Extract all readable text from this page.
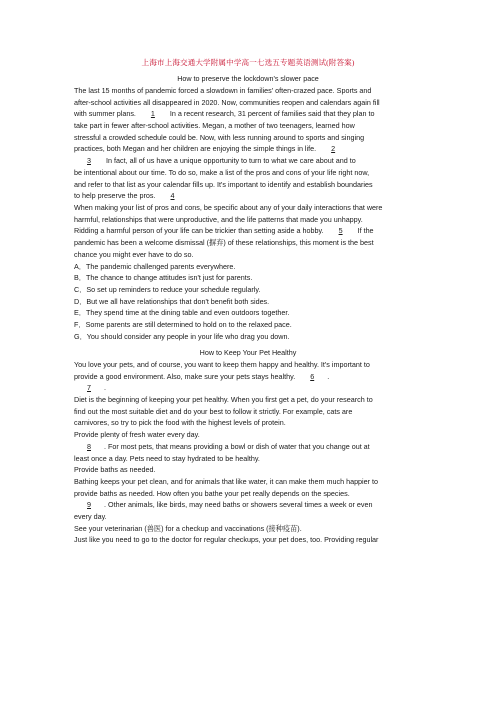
上海市上海交通大学附属中学高一七选五专题英语测试(附答案)
How to preserve the lockdown's slower pace
The last 15 months of pandemic forced a slowdown in families' often-crazed pace. Sports and
after-school activities all disappeared in 2020. Now, communities reopen and calendars again fill
with summer plans. 1 In a recent research, 31 percent of families said that they plan to
take part in fewer after-school activities. Megan, a mother of two teenagers, learned how
stressful a crowded schedule could be. Now, with less running around to sports and singing
practices, both Megan and her children are enjoying the simple things in life. 2
3 In fact, all of us have a unique opportunity to turn to what we care about and to
be intentional about our time. To do so, make a list of the pros and cons of your life right now,
and refer to that list as your calendar fills up. It's important to identify and establish boundaries
to help preserve the pros. 4
When making your list of pros and cons, be specific about any of your daily interactions that were
harmful, relationships that were unproductive, and the life patterns that made you unhappy.
Ridding a harmful person of your life can be trickier than setting aside a hobby. 5 If the
pandemic has been a welcome dismissal (摒弃) of these relationships, this moment is the best
chance you might ever have to do so.
A．The pandemic challenged parents everywhere.
B．The chance to change attitudes isn't just for parents.
C．So set up reminders to reduce your schedule regularly.
D．But we all have relationships that don't benefit both sides.
E．They spend time at the dining table and even outdoors together.
F．Some parents are still determined to hold on to the relaxed pace.
G．You should consider any people in your life who drag you down.
How to Keep Your Pet Healthy
You love your pets, and of course, you want to keep them happy and healthy. It's important to
provide a good environment. Also, make sure your pets stays healthy. 6 .
7 .
Diet is the beginning of keeping your pet healthy. When you first get a pet, do your research to
find out the most suitable diet and do your best to follow it strictly. For example, cats are
carnivores, so try to pick the food with the highest levels of protein.
Provide plenty of fresh water every day.
8 . For most pets, that means providing a bowl or dish of water that you change out at
least once a day. Pets need to stay hydrated to be healthy.
Provide baths as needed.
Bathing keeps your pet clean, and for animals that like water, it can make them much happier to
provide baths as needed. How often you bathe your pet really depends on the species.
9 . Other animals, like birds, may need baths or showers several times a week or even
every day.
See your veterinarian (兽医) for a checkup and vaccinations (接种疫苗).
Just like you need to go to the doctor for regular checkups, your pet does, too. Providing regular
